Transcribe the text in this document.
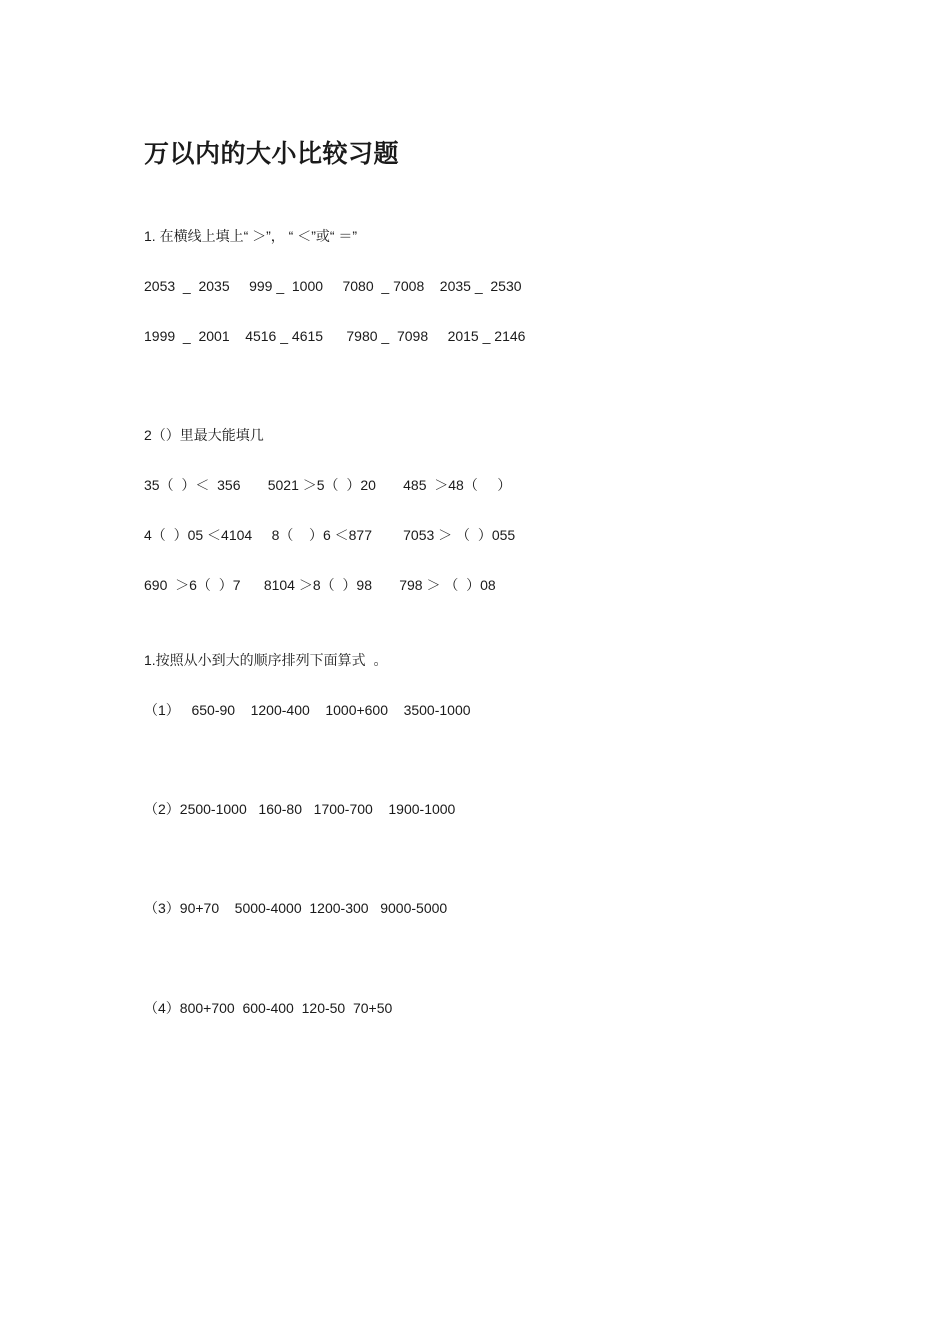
万以内的大小比较习题
1. 在横线上填上“ ＞”， “ ＜”或“ ＝”
2053  _  2035     999 _  1000     7080  _ 7008    2035 _  2530
1999  _  2001    4516 _ 4615      7980 _  7098     2015 _ 2146
2（）里最大能填几
35（  ）＜  356       5021 ＞5（  ）20       485  ＞48（     ）
4（  ）05 ＜4104     8（    ）6 ＜877        7053 ＞ （  ）055
690  ＞6（  ）7      8104 ＞8（  ）98       798 ＞ （  ）08
1.按照从小到大的顺序排列下面算式  。
（1）   650-90    1200-400    1000+600    3500-1000
（2）2500-1000   160-80   1700-700    1900-1000
（3）90+70    5000-4000  1200-300   9000-5000
（4）800+700  600-400  120-50  70+50
